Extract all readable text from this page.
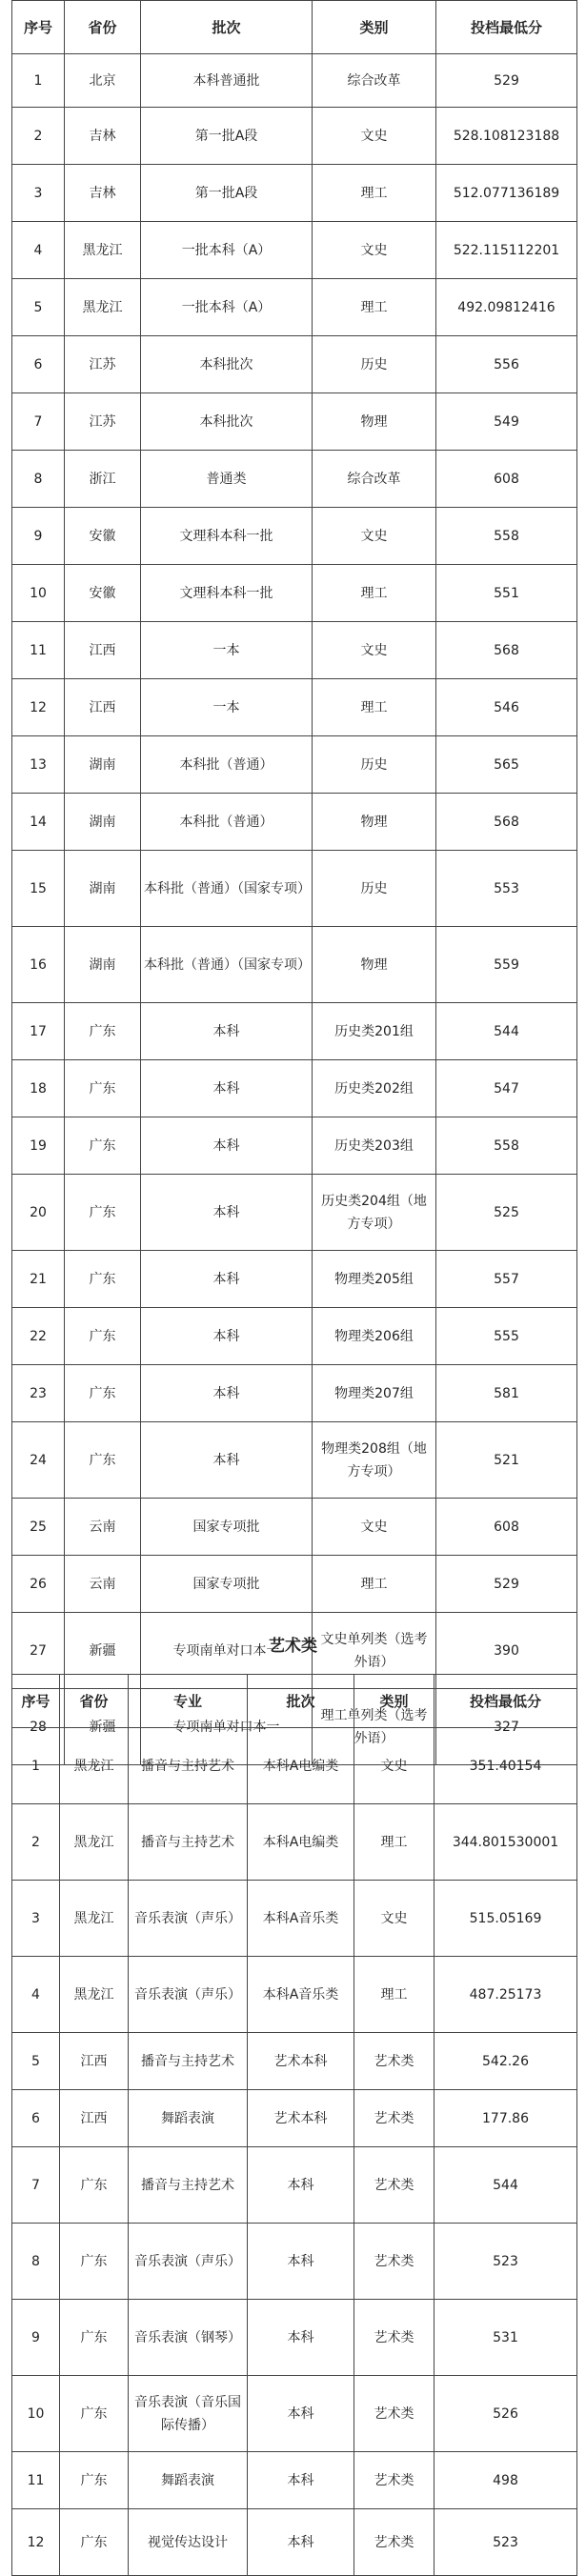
序号	省份	批次	类别	投档最低分
1	北京	本科普通批	综合改革	529
2	吉林	第一批A段	文史	528.108123188
3	吉林	第一批A段	理工	512.077136189
4	黑龙江	一批本科（A）	文史	522.115112201
5	黑龙江	一批本科（A）	理工	492.09812416
6	江苏	本科批次	历史	556
7	江苏	本科批次	物理	549
8	浙江	普通类	综合改革	608
9	安徽	文理科本科一批	文史	558
10	安徽	文理科本科一批	理工	551
11	江西	一本	文史	568
12	江西	一本	理工	546
13	湖南	本科批（普通）	历史	565
14	湖南	本科批（普通）	物理	568
15	湖南	本科批（普通）（国家专项）	历史	553
16	湖南	本科批（普通）（国家专项）	物理	559
17	广东	本科	历史类201组	544
18	广东	本科	历史类202组	547
19	广东	本科	历史类203组	558
20	广东	本科	历史类204组（地方专项）	525
21	广东	本科	物理类205组	557
22	广东	本科	物理类206组	555
23	广东	本科	物理类207组	581
24	广东	本科	物理类208组（地方专项）	521
25	云南	国家专项批	文史	608
26	云南	国家专项批	理工	529
27	新疆	专项南单对口本一	文史单列类（选考外语）	390
28	新疆	专项南单对口本一	理工单列类（选考外语）	327
艺术类
序号	省份	专业	批次	类别	投档最低分
1	黑龙江	播音与主持艺术	本科A电编类	文史	351.40154
2	黑龙江	播音与主持艺术	本科A电编类	理工	344.801530001
3	黑龙江	音乐表演（声乐）	本科A音乐类	文史	515.05169
4	黑龙江	音乐表演（声乐）	本科A音乐类	理工	487.25173
5	江西	播音与主持艺术	艺术本科	艺术类	542.26
6	江西	舞蹈表演	艺术本科	艺术类	177.86
7	广东	播音与主持艺术	本科	艺术类	544
8	广东	音乐表演（声乐）	本科	艺术类	523
9	广东	音乐表演（钢琴）	本科	艺术类	531
10	广东	音乐表演（音乐国际传播）	本科	艺术类	526
11	广东	舞蹈表演	本科	艺术类	498
12	广东	视觉传达设计	本科	艺术类	523
